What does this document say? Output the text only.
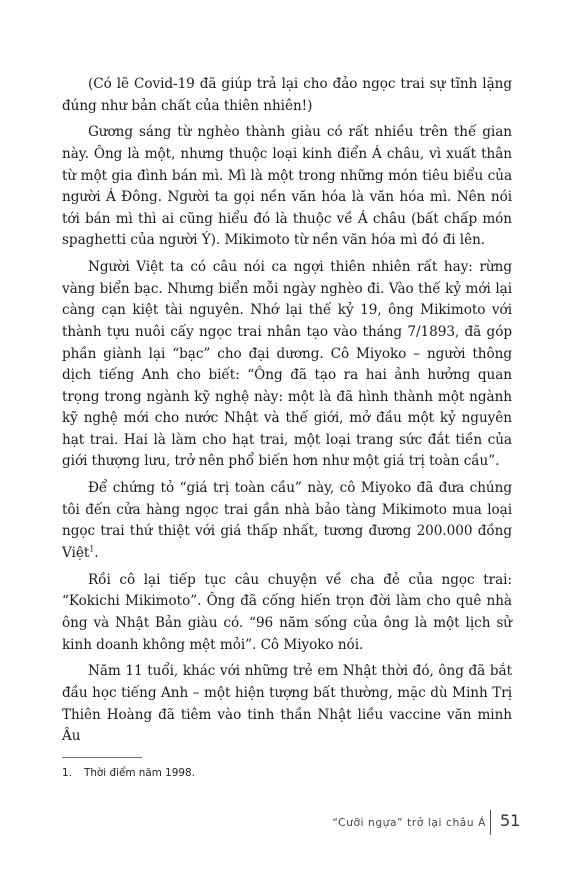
(Có lẽ Covid-19 đã giúp trả lại cho đảo ngọc trai sự tĩnh lặng đúng như bản chất của thiên nhiên!)

Gương sáng từ nghèo thành giàu có rất nhiều trên thế gian này. Ông là một, nhưng thuộc loại kinh điển Á châu, vì xuất thân từ một gia đình bán mì. Mì là một trong những món tiêu biểu của người Á Đông. Người ta gọi nền văn hóa là văn hóa mì. Nên nói tới bán mì thì ai cũng hiểu đó là thuộc về Á châu (bất chấp món spaghetti của người Ý). Mikimoto từ nền văn hóa mì đó đi lên.

Người Việt ta có câu nói ca ngợi thiên nhiên rất hay: rừng vàng biển bạc. Nhưng biển mỗi ngày nghèo đi. Vào thế kỷ mới lại càng cạn kiệt tài nguyên. Nhớ lại thế kỷ 19, ông Mikimoto với thành tựu nuôi cấy ngọc trai nhân tạo vào tháng 7/1893, đã góp phần giành lại “bạc” cho đại dương. Cô Miyoko – người thông dịch tiếng Anh cho biết: “Ông đã tạo ra hai ảnh hưởng quan trọng trong ngành kỹ nghệ này: một là đã hình thành một ngành kỹ nghệ mới cho nước Nhật và thế giới, mở đầu một kỷ nguyên hạt trai. Hai là làm cho hạt trai, một loại trang sức đắt tiền của giới thượng lưu, trở nên phổ biến hơn như một giá trị toàn cầu”.

Để chứng tỏ “giá trị toàn cầu” này, cô Miyoko đã đưa chúng tôi đến cửa hàng ngọc trai gần nhà bảo tàng Mikimoto mua loại ngọc trai thứ thiệt với giá thấp nhất, tương đương 200.000 đồng Việt$^1$.

Rồi cô lại tiếp tục câu chuyện về cha đẻ của ngọc trai: “Kokichi Mikimoto”. Ông đã cống hiến trọn đời làm cho quê nhà ông và Nhật Bản giàu có. “96 năm sống của ông là một lịch sử kinh doanh không mệt mỏi”. Cô Miyoko nói.

Năm 11 tuổi, khác với những trẻ em Nhật thời đó, ông đã bắt đầu học tiếng Anh – một hiện tượng bất thường, mặc dù Minh Trị Thiên Hoàng đã tiêm vào tinh thần Nhật liều vaccine văn minh Âu

1. Thời điểm năm 1998.
“Cưỡi ngựa” trở lại châu Á 51
